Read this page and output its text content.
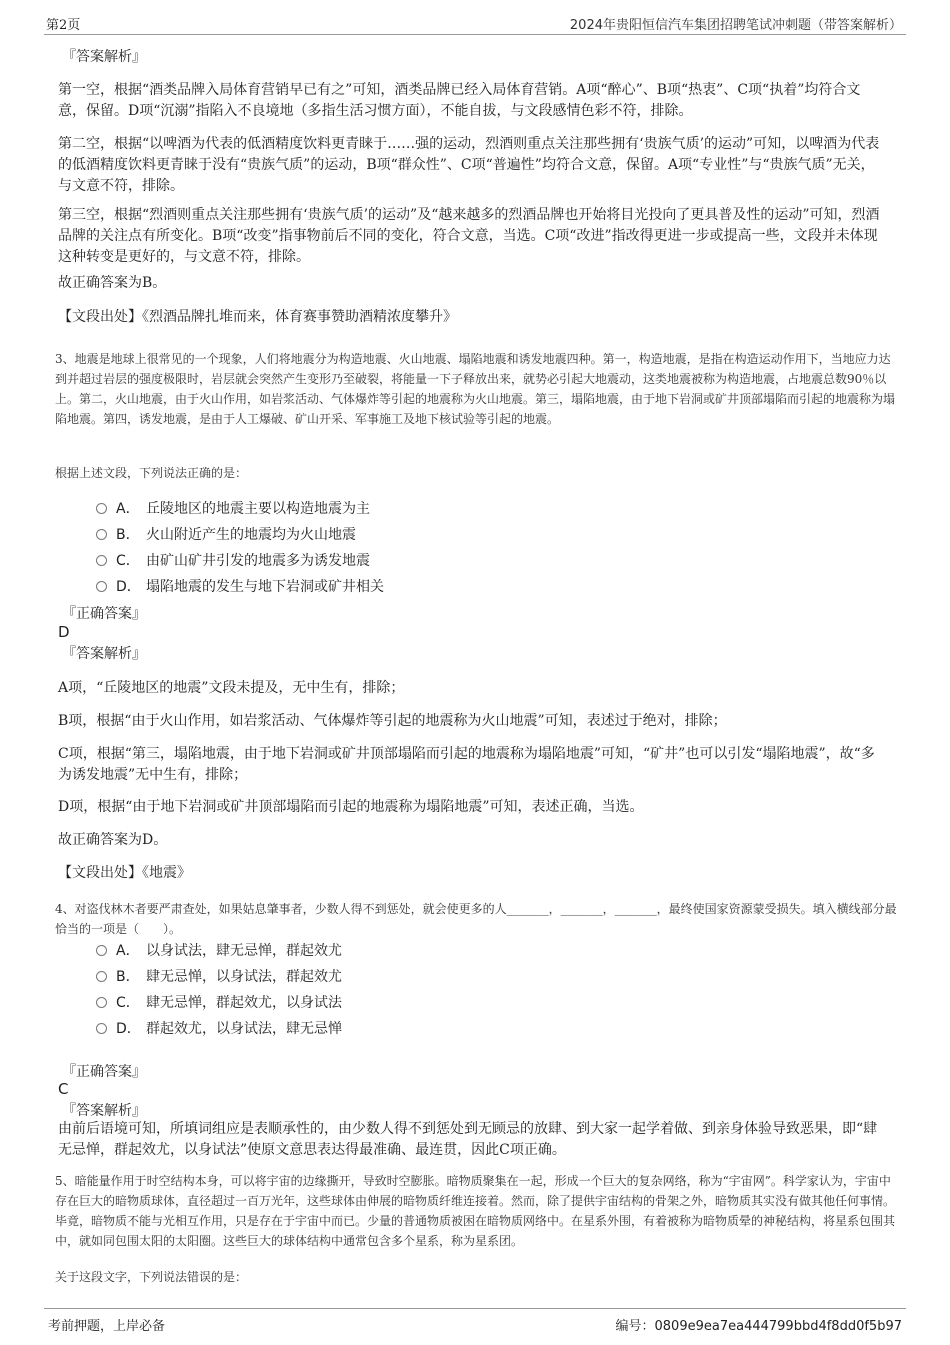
第2页	2024年贵阳恒信汽车集团招聘笔试冲刺题（带答案解析）
『答案解析』
第一空，根据“酒类品牌入局体育营销早已有之”可知，酒类品牌已经入局体育营销。A项“醉心”、B项“热衷”、C项“执着”均符合文意，保留。D项“沉溺”指陷入不良境地（多指生活习惯方面），不能自拔，与文段感情色彩不符，排除。
第二空，根据“以啤酒为代表的低酒精度饮料更青睐于……强的运动，烈酒则重点关注那些拥有‘贵族气质’的运动”可知，以啤酒为代表的低酒精度饮料更青睐于没有“贵族气质”的运动，B项“群众性”、C项“普遍性”均符合文意，保留。A项“专业性”与“贵族气质”无关，与文意不符，排除。
第三空，根据“烈酒则重点关注那些拥有‘贵族气质’的运动”及“越来越多的烈酒品牌也开始将目光投向了更具普及性的运动”可知，烈酒品牌的关注点有所变化。B项“改变”指事物前后不同的变化，符合文意，当选。C项“改进”指改得更进一步或提高一些，文段并未体现这种转变是更好的，与文意不符，排除。
故正确答案为B。
【文段出处】《烈酒品牌扎堆而来，体育赛事赞助酒精浓度攀升》
3、地震是地球上很常见的一个现象，人们将地震分为构造地震、火山地震、塌陷地震和诱发地震四种。第一，构造地震，是指在构造运动作用下，当地应力达到并超过岩层的强度极限时，岩层就会突然产生变形乃至破裂，将能量一下子释放出来，就势必引起大地震动，这类地震被称为构造地震，占地震总数90％以上。第二，火山地震，由于火山作用，如岩浆活动、气体爆炸等引起的地震称为火山地震。第三，塌陷地震，由于地下岩洞或矿井顶部塌陷而引起的地震称为塌陷地震。第四，诱发地震，是由于人工爆破、矿山开采、军事施工及地下核试验等引起的地震。
根据上述文段，下列说法正确的是：
A． 丘陵地区的地震主要以构造地震为主
B． 火山附近产生的地震均为火山地震
C． 由矿山矿井引发的地震多为诱发地震
D． 塌陷地震的发生与地下岩洞或矿井相关
『正确答案』
D
『答案解析』
A项，“丘陵地区的地震”文段未提及，无中生有，排除；
B项，根据“由于火山作用，如岩浆活动、气体爆炸等引起的地震称为火山地震”可知，表述过于绝对，排除；
C项，根据“第三，塌陷地震，由于地下岩洞或矿井顶部塌陷而引起的地震称为塌陷地震”可知，“矿井”也可以引发“塌陷地震”，故“多为诱发地震”无中生有，排除；
D项，根据“由于地下岩洞或矿井顶部塌陷而引起的地震称为塌陷地震”可知，表述正确，当选。
故正确答案为D。
【文段出处】《地震》
4、对盗伐林木者要严肃查处，如果姑息肇事者，少数人得不到惩处，就会使更多的人_______，_______，_______，最终使国家资源蒙受损失。填入横线部分最恰当的一项是（　　）。
A． 以身试法，肆无忌惮，群起效尤
B． 肆无忌惮，以身试法，群起效尤
C． 肆无忌惮，群起效尤，以身试法
D． 群起效尤，以身试法，肆无忌惮
『正确答案』
C
『答案解析』
由前后语境可知，所填词组应是表顺承性的，由少数人得不到惩处到无顾忌的放肆、到大家一起学着做、到亲身体验导致恶果，即“肆无忌惮，群起效尤，以身试法”使原文意思表达得最准确、最连贯，因此C项正确。
5、暗能量作用于时空结构本身，可以将宇宙的边缘撕开，导致时空膨胀。暗物质聚集在一起，形成一个巨大的复杂网络，称为“宇宙网”。科学家认为，宇宙中存在巨大的暗物质球体，直径超过一百万光年，这些球体由伸展的暗物质纤维连接着。然而，除了提供宇宙结构的骨架之外，暗物质其实没有做其他任何事情。毕竟，暗物质不能与光相互作用，只是存在于宇宙中而已。少量的普通物质被困在暗物质网络中。在星系外围，有着被称为暗物质晕的神秘结构，将星系包围其中，就如同包围太阳的太阳圈。这些巨大的球体结构中通常包含多个星系，称为星系团。
关于这段文字，下列说法错误的是：
考前押题，上岸必备	编号：0809e9ea7ea444799bbd4f8dd0f5b97
